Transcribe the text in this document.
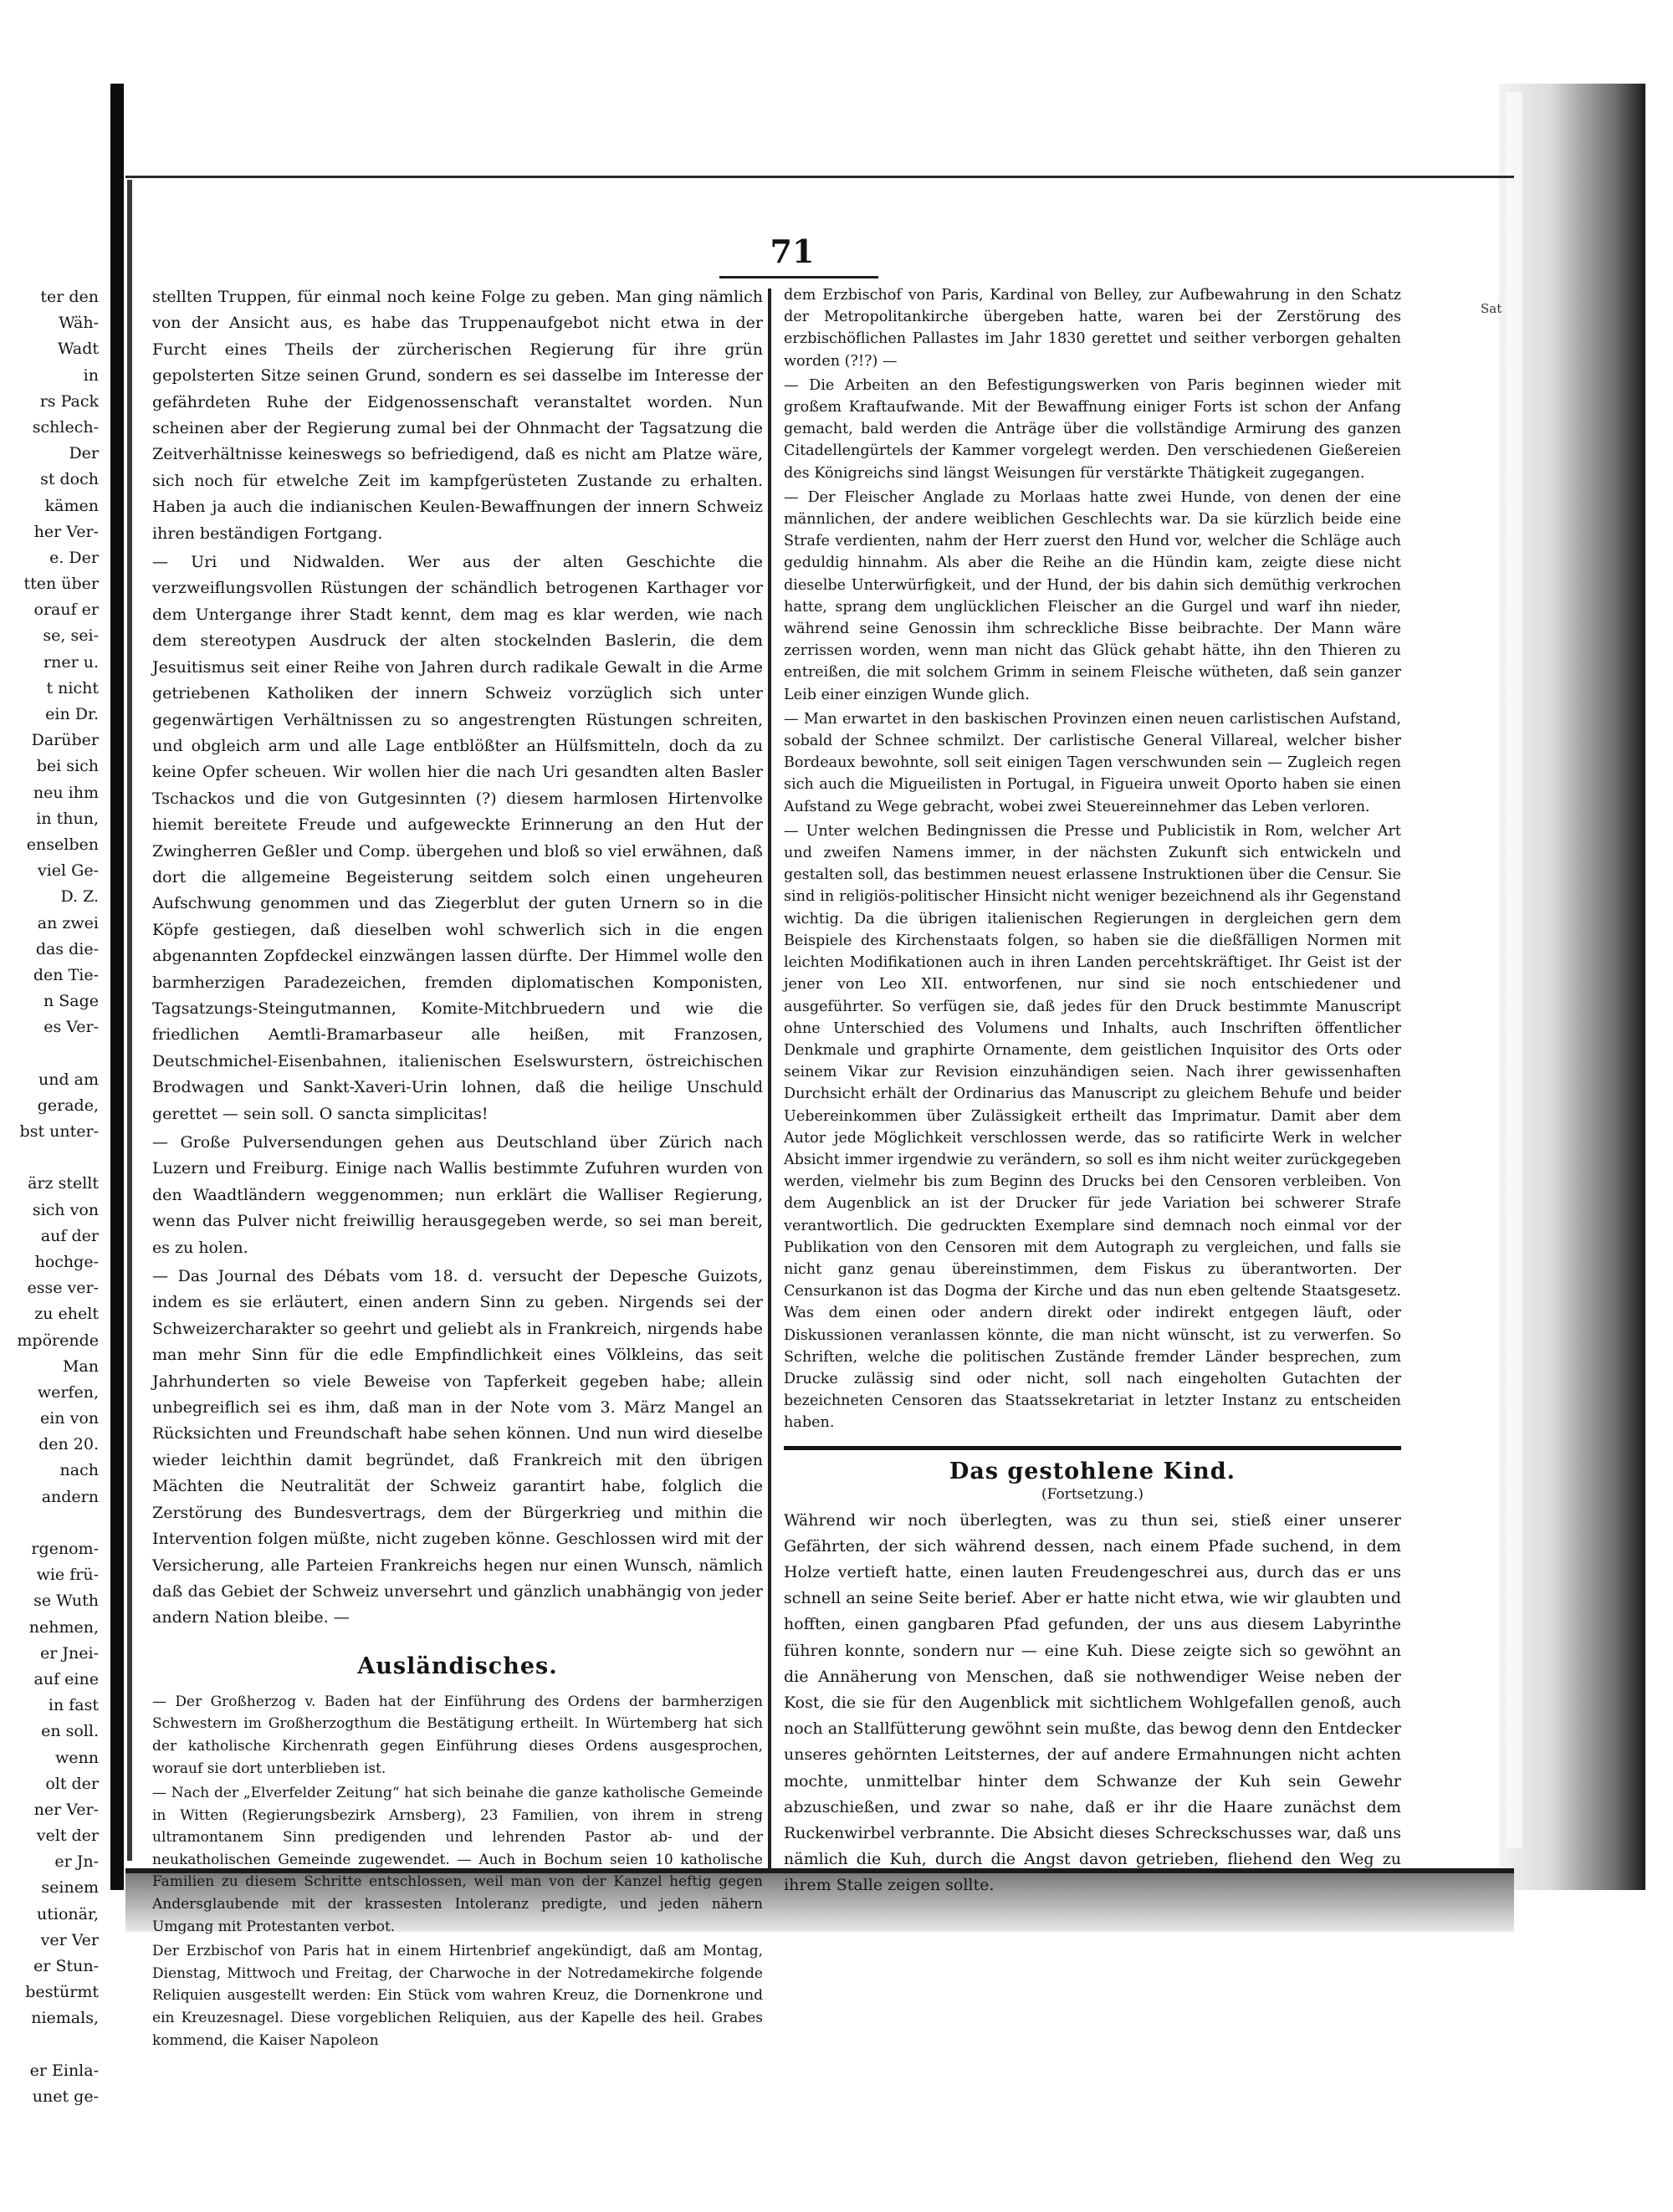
ter den
Wäh-
Wadt
in
rs Pack
schlech-
Der
st doch
kämen
her Ver-
e. Der
tten über
orauf er
se, sei-
rner u.
t nicht
ein Dr.
Darüber
bei sich
neu ihm
in thun,
enselben
viel Ge-
D. Z.
an zwei
das die-
den Tie-
n Sage
es Ver-
und am
gerade,
bst unter-
ärz stellt
sich von
auf der
hochge-
esse ver-
zu ehelt
mpörende
Man
werfen,
ein von
den 20.
nach
andern
rgenom-
wie frü-
se Wuth
nehmen,
er Jnei-
auf eine
in fast
en soll.
wenn
olt der
ner Ver-
velt der
er Jn-
seinem
utionär,
ver Ver
er Stun-
bestürmt
niemals,
er Einla-
unet ge-
71
Sat

stellten Truppen, für einmal noch keine Folge zu geben. Man ging nämlich von der Ansicht aus, es habe das Truppenaufgebot nicht etwa in der Furcht eines Theils der zürcherischen Regierung für ihre grün gepolsterten Sitze seinen Grund, sondern es sei dasselbe im Interesse der gefährdeten Ruhe der Eidgenossenschaft veranstaltet worden. Nun scheinen aber der Regierung zumal bei der Ohnmacht der Tagsatzung die Zeitverhältnisse keineswegs so befriedigend, daß es nicht am Platze wäre, sich noch für etwelche Zeit im kampfgerüsteten Zustande zu erhalten. Haben ja auch die indianischen Keulen-Bewaffnungen der innern Schweiz ihren beständigen Fortgang.

— Uri und Nidwalden. Wer aus der alten Geschichte die verzweiflungsvollen Rüstungen der schändlich betrogenen Karthager vor dem Untergange ihrer Stadt kennt, dem mag es klar werden, wie nach dem stereotypen Ausdruck der alten stockelnden Baslerin, die dem Jesuitismus seit einer Reihe von Jahren durch radikale Gewalt in die Arme getriebenen Katholiken der innern Schweiz vorzüglich sich unter gegenwärtigen Verhältnissen zu so angestrengten Rüstungen schreiten, und obgleich arm und alle Lage entblößter an Hülfsmitteln, doch da zu keine Opfer scheuen. Wir wollen hier die nach Uri gesandten alten Basler Tschackos und die von Gutgesinnten (?) diesem harmlosen Hirtenvolke hiemit bereitete Freude und aufgeweckte Erinnerung an den Hut der Zwingherren Geßler und Comp. übergehen und bloß so viel erwähnen, daß dort die allgemeine Begeisterung seitdem solch einen ungeheuren Aufschwung genommen und das Ziegerblut der guten Urnern so in die Köpfe gestiegen, daß dieselben wohl schwerlich sich in die engen abgenannten Zopfdeckel einzwängen lassen dürfte. Der Himmel wolle den barmherzigen Paradezeichen, fremden diplomatischen Komponisten, Tagsatzungs-Steingutmannen, Komite-Mitchbruedern und wie die friedlichen Aemtli-Bramarbaseur alle heißen, mit Franzosen, Deutschmichel-Eisenbahnen, italienischen Eselswurstern, östreichischen Brodwagen und Sankt-Xaveri-Urin lohnen, daß die heilige Unschuld gerettet — sein soll. O sancta simplicitas!

— Große Pulversendungen gehen aus Deutschland über Zürich nach Luzern und Freiburg. Einige nach Wallis bestimmte Zufuhren wurden von den Waadtländern weggenommen; nun erklärt die Walliser Regierung, wenn das Pulver nicht freiwillig herausgegeben werde, so sei man bereit, es zu holen.

— Das Journal des Débats vom 18. d. versucht der Depesche Guizots, indem es sie erläutert, einen andern Sinn zu geben. Nirgends sei der Schweizercharakter so geehrt und geliebt als in Frankreich, nirgends habe man mehr Sinn für die edle Empfindlichkeit eines Völkleins, das seit Jahrhunderten so viele Beweise von Tapferkeit gegeben habe; allein unbegreiflich sei es ihm, daß man in der Note vom 3. März Mangel an Rücksichten und Freundschaft habe sehen können. Und nun wird dieselbe wieder leichthin damit begründet, daß Frankreich mit den übrigen Mächten die Neutralität der Schweiz garantirt habe, folglich die Zerstörung des Bundesvertrags, dem der Bürgerkrieg und mithin die Intervention folgen müßte, nicht zugeben könne. Geschlossen wird mit der Versicherung, alle Parteien Frankreichs hegen nur einen Wunsch, nämlich daß das Gebiet der Schweiz unversehrt und gänzlich unabhängig von jeder andern Nation bleibe. —

Ausländisches.

— Der Großherzog v. Baden hat der Einführung des Ordens der barmherzigen Schwestern im Großherzogthum die Bestätigung ertheilt. In Würtemberg hat sich der katholische Kirchenrath gegen Einführung dieses Ordens ausgesprochen, worauf sie dort unterblieben ist.

— Nach der „Elverfelder Zeitung“ hat sich beinahe die ganze katholische Gemeinde in Witten (Regierungsbezirk Arnsberg), 23 Familien, von ihrem in streng ultramontanem Sinn predigenden und lehrenden Pastor ab- und der neukatholischen Gemeinde zugewendet. — Auch in Bochum seien 10 katholische Familien zu diesem Schritte entschlossen, weil man von der Kanzel heftig gegen Andersglaubende mit der krassesten Intoleranz predigte, und jeden nähern Umgang mit Protestanten verbot.

Der Erzbischof von Paris hat in einem Hirtenbrief angekündigt, daß am Montag, Dienstag, Mittwoch und Freitag, der Charwoche in der Notredamekirche folgende Reliquien ausgestellt werden: Ein Stück vom wahren Kreuz, die Dornenkrone und ein Kreuzesnagel. Diese vorgeblichen Reliquien, aus der Kapelle des heil. Grabes kommend, die Kaiser Napoleon

dem Erzbischof von Paris, Kardinal von Belley, zur Aufbewahrung in den Schatz der Metropolitankirche übergeben hatte, waren bei der Zerstörung des erzbischöflichen Pallastes im Jahr 1830 gerettet und seither verborgen gehalten worden (?!?) —

— Die Arbeiten an den Befestigungswerken von Paris beginnen wieder mit großem Kraftaufwande. Mit der Bewaffnung einiger Forts ist schon der Anfang gemacht, bald werden die Anträge über die vollständige Armirung des ganzen Citadellengürtels der Kammer vorgelegt werden. Den verschiedenen Gießereien des Königreichs sind längst Weisungen für verstärkte Thätigkeit zugegangen.

— Der Fleischer Anglade zu Morlaas hatte zwei Hunde, von denen der eine männlichen, der andere weiblichen Geschlechts war. Da sie kürzlich beide eine Strafe verdienten, nahm der Herr zuerst den Hund vor, welcher die Schläge auch geduldig hinnahm. Als aber die Reihe an die Hündin kam, zeigte diese nicht dieselbe Unterwürfigkeit, und der Hund, der bis dahin sich demüthig verkrochen hatte, sprang dem unglücklichen Fleischer an die Gurgel und warf ihn nieder, während seine Genossin ihm schreckliche Bisse beibrachte. Der Mann wäre zerrissen worden, wenn man nicht das Glück gehabt hätte, ihn den Thieren zu entreißen, die mit solchem Grimm in seinem Fleische wütheten, daß sein ganzer Leib einer einzigen Wunde glich.

— Man erwartet in den baskischen Provinzen einen neuen carlistischen Aufstand, sobald der Schnee schmilzt. Der carlistische General Villareal, welcher bisher Bordeaux bewohnte, soll seit einigen Tagen verschwunden sein — Zugleich regen sich auch die Migueilisten in Portugal, in Figueira unweit Oporto haben sie einen Aufstand zu Wege gebracht, wobei zwei Steuereinnehmer das Leben verloren.

— Unter welchen Bedingnissen die Presse und Publicistik in Rom, welcher Art und zweifen Namens immer, in der nächsten Zukunft sich entwickeln und gestalten soll, das bestimmen neuest erlassene Instruktionen über die Censur. Sie sind in religiös-politischer Hinsicht nicht weniger bezeichnend als ihr Gegenstand wichtig. Da die übrigen italienischen Regierungen in dergleichen gern dem Beispiele des Kirchenstaats folgen, so haben sie die dießfälligen Normen mit leichten Modifikationen auch in ihren Landen percehtskräftiget. Ihr Geist ist der jener von Leo XII. entworfenen, nur sind sie noch entschiedener und ausgeführter. So verfügen sie, daß jedes für den Druck bestimmte Manuscript ohne Unterschied des Volumens und Inhalts, auch Inschriften öffentlicher Denkmale und graphirte Ornamente, dem geistlichen Inquisitor des Orts oder seinem Vikar zur Revision einzuhändigen seien. Nach ihrer gewissenhaften Durchsicht erhält der Ordinarius das Manuscript zu gleichem Behufe und beider Uebereinkommen über Zulässigkeit ertheilt das Imprimatur. Damit aber dem Autor jede Möglichkeit verschlossen werde, das so ratificirte Werk in welcher Absicht immer irgendwie zu verändern, so soll es ihm nicht weiter zurückgegeben werden, vielmehr bis zum Beginn des Drucks bei den Censoren verbleiben. Von dem Augenblick an ist der Drucker für jede Variation bei schwerer Strafe verantwortlich. Die gedruckten Exemplare sind demnach noch einmal vor der Publikation von den Censoren mit dem Autograph zu vergleichen, und falls sie nicht ganz genau übereinstimmen, dem Fiskus zu überantworten. Der Censurkanon ist das Dogma der Kirche und das nun eben geltende Staatsgesetz. Was dem einen oder andern direkt oder indirekt entgegen läuft, oder Diskussionen veranlassen könnte, die man nicht wünscht, ist zu verwerfen. So Schriften, welche die politischen Zustände fremder Länder besprechen, zum Drucke zulässig sind oder nicht, soll nach eingeholten Gutachten der bezeichneten Censoren das Staatssekretariat in letzter Instanz zu entscheiden haben.

Das gestohlene Kind.
(Fortsetzung.)

Während wir noch überlegten, was zu thun sei, stieß einer unserer Gefährten, der sich während dessen, nach einem Pfade suchend, in dem Holze vertieft hatte, einen lauten Freudengeschrei aus, durch das er uns schnell an seine Seite berief. Aber er hatte nicht etwa, wie wir glaubten und hofften, einen gangbaren Pfad gefunden, der uns aus diesem Labyrinthe führen konnte, sondern nur — eine Kuh. Diese zeigte sich so gewöhnt an die Annäherung von Menschen, daß sie nothwendiger Weise neben der Kost, die sie für den Augenblick mit sichtlichem Wohlgefallen genoß, auch noch an Stallfütterung gewöhnt sein mußte, das bewog denn den Entdecker unseres gehörnten Leitsternes, der auf andere Ermahnungen nicht achten mochte, unmittelbar hinter dem Schwanze der Kuh sein Gewehr abzuschießen, und zwar so nahe, daß er ihr die Haare zunächst dem Ruckenwirbel verbrannte. Die Absicht dieses Schreckschusses war, daß uns nämlich die Kuh, durch die Angst davon getrieben, fliehend den Weg zu ihrem Stalle zeigen sollte.
